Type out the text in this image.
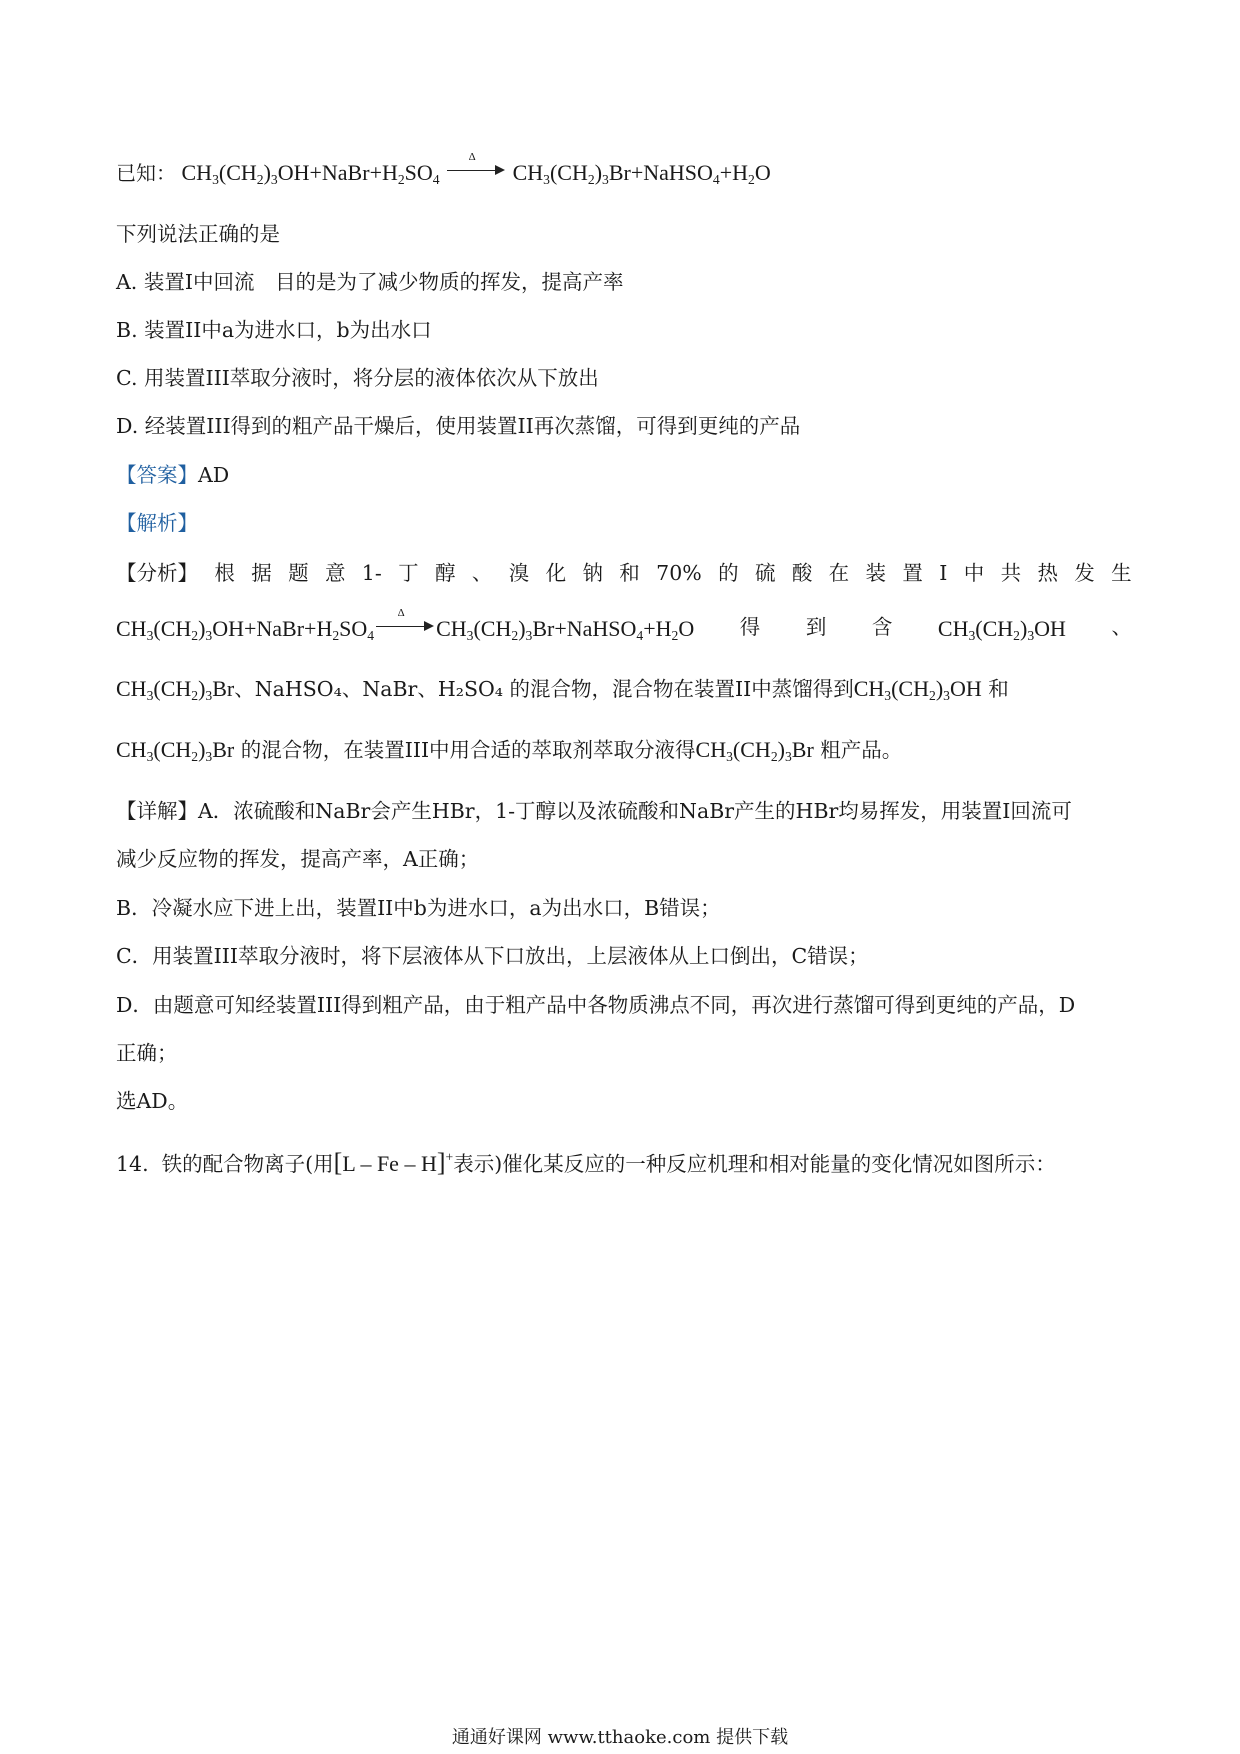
已知： $CH_3(CH_2)_3OH+NaBr+H_2SO_4$
Δ
$CH_3(CH_2)_3Br+NaHSO_4+H_2O$
下列说法正确的是
A. 装置I中回流　目的是为了减少物质的挥发，提高产率
B. 装置II中a为进水口，b为出水口
C. 用装置III萃取分液时，将分层的液体依次从下放出
D. 经装置III得到的粗产品干燥后，使用装置II再次蒸馏，可得到更纯的产品
【答案】AD
【解析】
【分析】 根 据 题 意 1- 丁 醇 、 溴 化 钠 和 70% 的 硫 酸 在 装 置 I 中 共 热 发 生
$CH_3(CH_2)_3OH+NaBr+H_2SO_4$
Δ
$CH_3(CH_2)_3Br+NaHSO_4+H_2O$ 得 到 含 $CH_3(CH_2)_3OH$ 、
$CH_3(CH_2)_3Br$、NaHSO₄、NaBr、H₂SO₄ 的混合物，混合物在装置II中蒸馏得到$CH_3(CH_2)_3OH$ 和
$CH_3(CH_2)_3Br$ 的混合物，在装置III中用合适的萃取剂萃取分液得$CH_3(CH_2)_3Br$ 粗产品。
【详解】A．浓硫酸和NaBr会产生HBr，1-丁醇以及浓硫酸和NaBr产生的HBr均易挥发，用装置I回流可
减少反应物的挥发，提高产率，A正确；
B．冷凝水应下进上出，装置II中b为进水口，a为出水口，B错误；
C．用装置III萃取分液时，将下层液体从下口放出，上层液体从上口倒出，C错误；
D．由题意可知经装置III得到粗产品，由于粗产品中各物质沸点不同，再次进行蒸馏可得到更纯的产品，D
正确；
选AD。
14. 铁的配合物离子(用[L – Fe – H]+表示)催化某反应的一种反应机理和相对能量的变化情况如图所示：
通通好课网 www.tthaoke.com 提供下载
